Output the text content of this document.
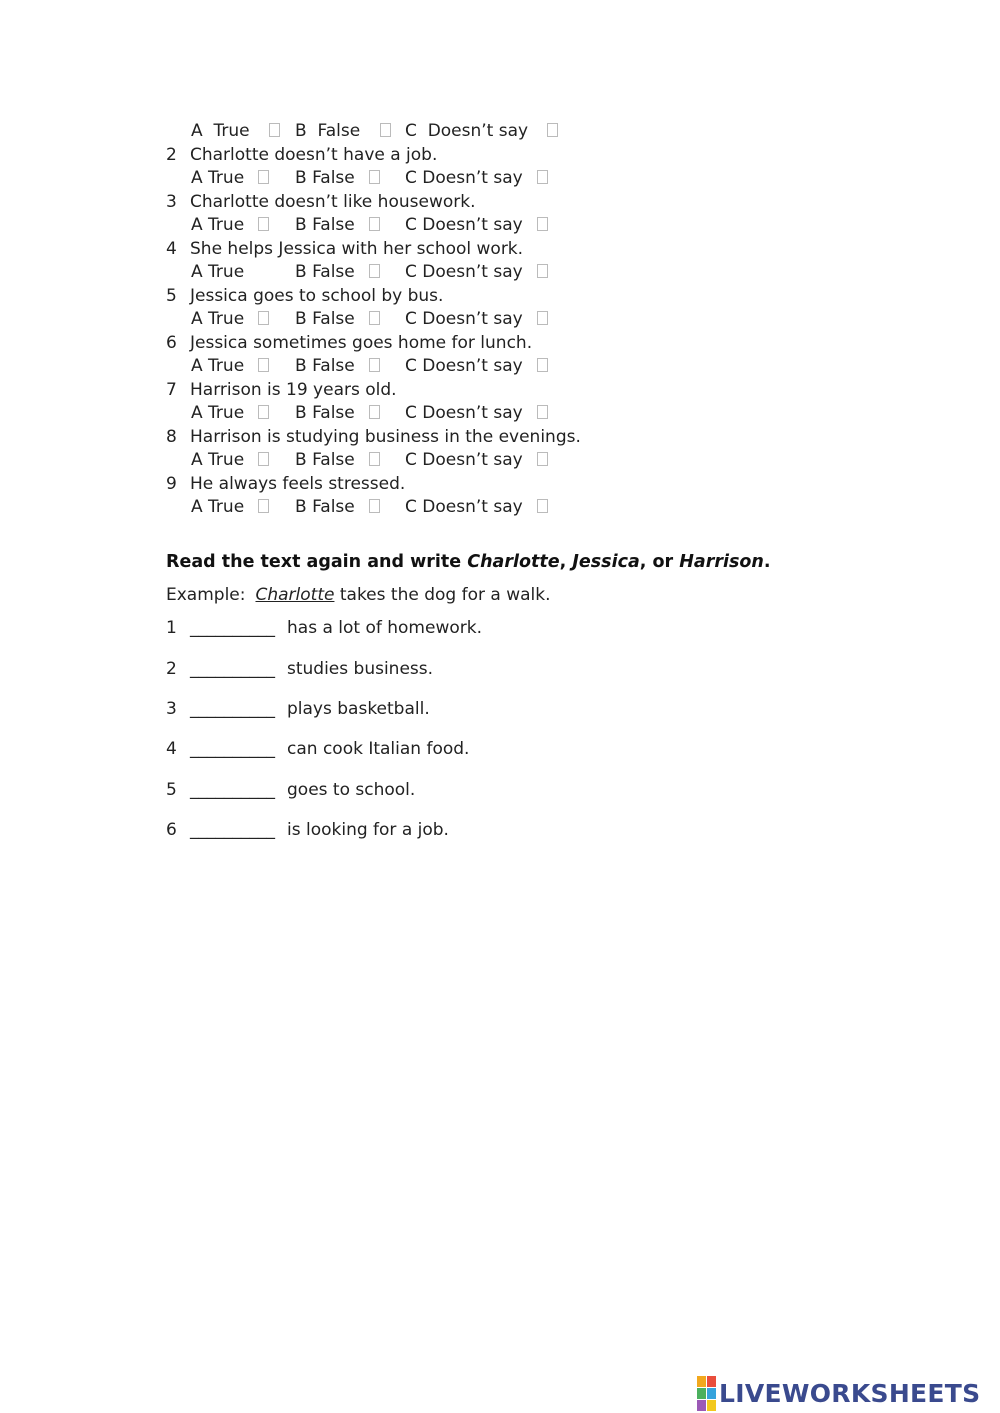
A True	B False	C Doesn’t say
2 Charlotte doesn’t have a job.
A True	B False	C Doesn’t say
3 Charlotte doesn’t like housework.
A True	B False	C Doesn’t say
4 She helps Jessica with her school work.
A True	B False	C Doesn’t say
5 Jessica goes to school by bus.
A True	B False	C Doesn’t say
6 Jessica sometimes goes home for lunch.
A True	B False	C Doesn’t say
7 Harrison is 19 years old.
A True	B False	C Doesn’t say
8 Harrison is studying business in the evenings.
A True	B False	C Doesn’t say
9 He always feels stressed.
A True	B False	C Doesn’t say
Read the text again and write Charlotte, Jessica, or Harrison.
Example: Charlotte takes the dog for a walk.
1 __________ has a lot of homework.
2 __________ studies business.
3 __________ plays basketball.
4 __________ can cook Italian food.
5 __________ goes to school.
6 __________ is looking for a job.
LIVEWORKSHEETS
